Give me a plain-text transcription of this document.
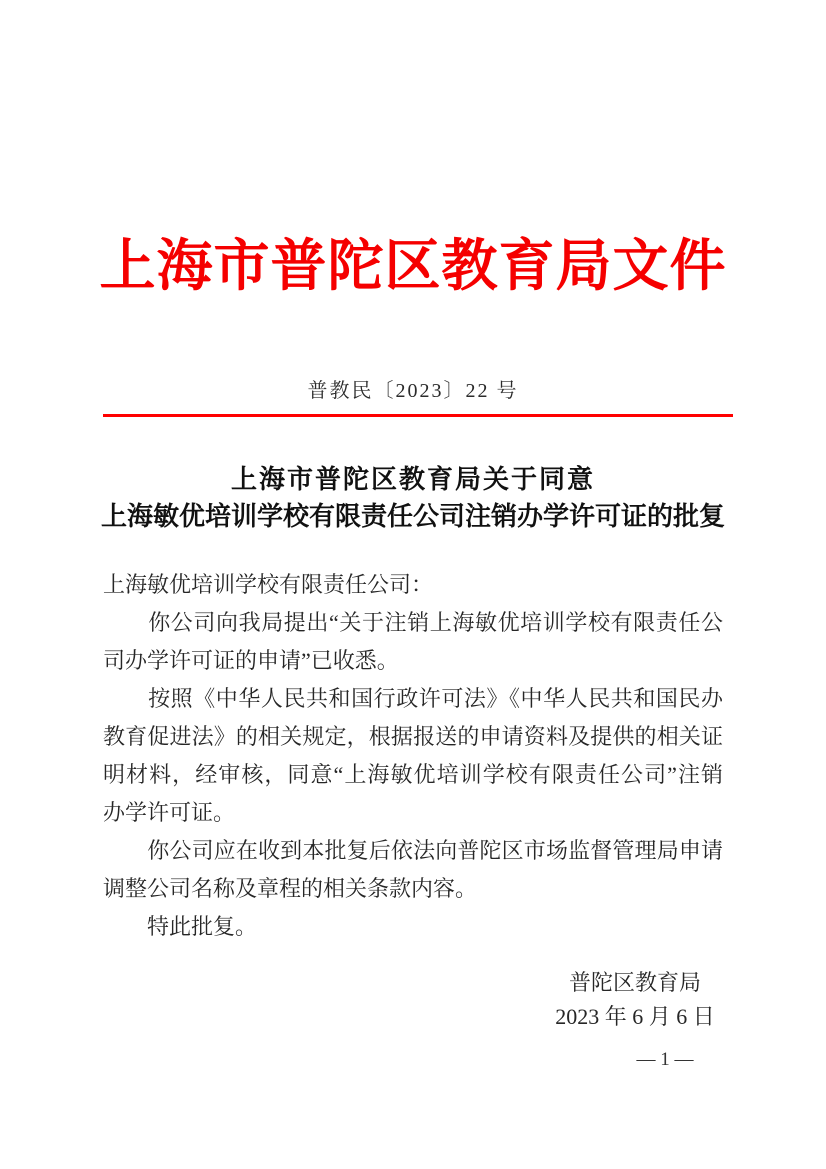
上海市普陀区教育局文件
普教民〔2023〕22 号
上海市普陀区教育局关于同意
上海敏优培训学校有限责任公司注销办学许可证的批复
上海敏优培训学校有限责任公司：
　　你公司向我局提出“关于注销上海敏优培训学校有限责任公
司办学许可证的申请”已收悉。
　　按照《中华人民共和国行政许可法》《中华人民共和国民办
教育促进法》的相关规定，根据报送的申请资料及提供的相关证
明材料，经审核，同意“上海敏优培训学校有限责任公司”注销
办学许可证。
　　你公司应在收到本批复后依法向普陀区市场监督管理局申请
调整公司名称及章程的相关条款内容。
　　特此批复。
普陀区教育局
2023 年 6 月 6 日
— 1 —
